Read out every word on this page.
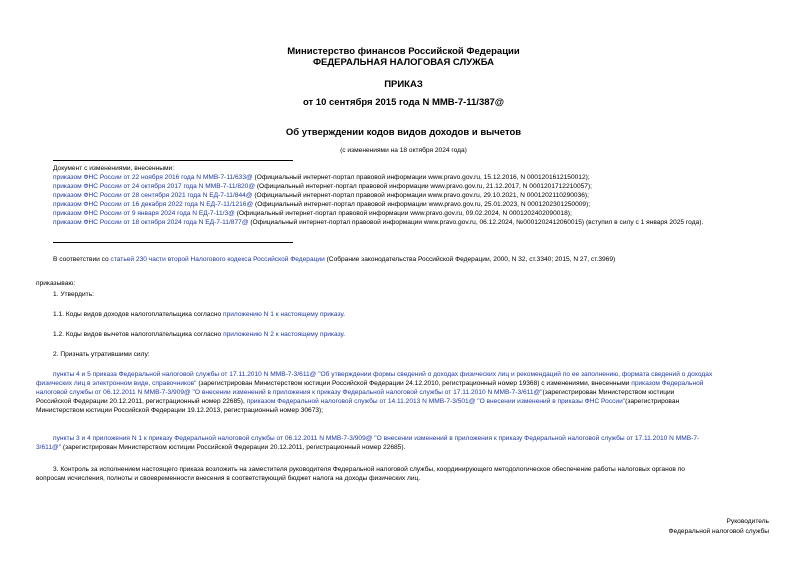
Министерство финансов Российской Федерации
ФЕДЕРАЛЬНАЯ НАЛОГОВАЯ СЛУЖБА
ПРИКАЗ
от 10 сентября 2015 года N ММВ-7-11/387@
Об утверждении кодов видов доходов и вычетов
(с изменениями на 18 октября 2024 года)
Документ с изменениями, внесенными:
приказом ФНС России от 22 ноября 2016 года N ММВ-7-11/633@ (Официальный интернет-портал правовой информации www.pravo.gov.ru, 15.12.2016, N 0001201612150012);
приказом ФНС России от 24 октября 2017 года N ММВ-7-11/820@ (Официальный интернет-портал правовой информации www.pravo.gov.ru, 21.12.2017, N 0001201712210057);
приказом ФНС России от 28 сентября 2021 года N ЕД-7-11/844@ (Официальный интернет-портал правовой информации www.pravo.gov.ru, 29.10.2021, N 0001202110290036);
приказом ФНС России от 16 декабря 2022 года N ЕД-7-11/1216@ (Официальный интернет-портал правовой информации www.pravo.gov.ru, 25.01.2023, N 0001202301250009);
приказом ФНС России от 9 января 2024 года N ЕД-7-11/3@ (Официальный интернет-портал правовой информации www.pravo.gov.ru, 09.02.2024, N 0001202402090018);
приказом ФНС России от 18 октября 2024 года N ЕД-7-11/877@ (Официальный интернет-портал правовой информации www.pravo.gov.ru, 06.12.2024, №0001202412060015) (вступил в силу с 1 января 2025 года).
В соответствии со статьей 230 части второй Налогового кодекса Российской Федерации (Собрание законодательства Российской Федерации, 2000, N 32, ст.3340; 2015, N 27, ст.3969)
приказываю:
1. Утвердить:
1.1. Коды видов доходов налогоплательщика согласно приложению N 1 к настоящему приказу.
1.2. Коды видов вычетов налогоплательщика согласно приложению N 2 к настоящему приказу.
2. Признать утратившими силу:
пункты 4 и 5 приказа Федеральной налоговой службы от 17.11.2010 N ММВ-7-3/611@ "Об утверждении формы сведений о доходах физических лиц и рекомендаций по ее заполнению, формата сведений о доходах
физических лиц в электронном виде, справочников" (зарегистрирован Министерством юстиции Российской Федерации 24.12.2010, регистрационный номер 19368) с изменениями, внесенными приказом Федеральной
налоговой службы от 06.12.2011 N ММВ-7-3/909@ "О внесении изменений в приложения к приказу Федеральной налоговой службы от 17.11.2010 N ММВ-7-3/611@"(зарегистрирован Министерством юстиции
Российской Федерации 20.12.2011, регистрационный номер 22685), приказом Федеральной налоговой службы от 14.11.2013 N ММВ-7-3/501@ "О внесении изменений в приказы ФНС России"(зарегистрирован
Министерством юстиции Российской Федерации 19.12.2013, регистрационный номер 30673);
пункты 3 и 4 приложения N 1 к приказу Федеральной налоговой службы от 06.12.2011 N ММВ-7-3/909@ "О внесении изменений в приложения к приказу Федеральной налоговой службы от 17.11.2010 N ММВ-7-
3/611@" (зарегистрирован Министерством юстиции Российской Федерации 20.12.2011, регистрационный номер 22685).
3. Контроль за исполнением настоящего приказа возложить на заместителя руководителя Федеральной налоговой службы, координирующего методологическое обеспечение работы налоговых органов по
вопросам исчисления, полноты и своевременности внесения в соответствующий бюджет налога на доходы физических лиц.
Руководитель
Федеральной налоговой службы
